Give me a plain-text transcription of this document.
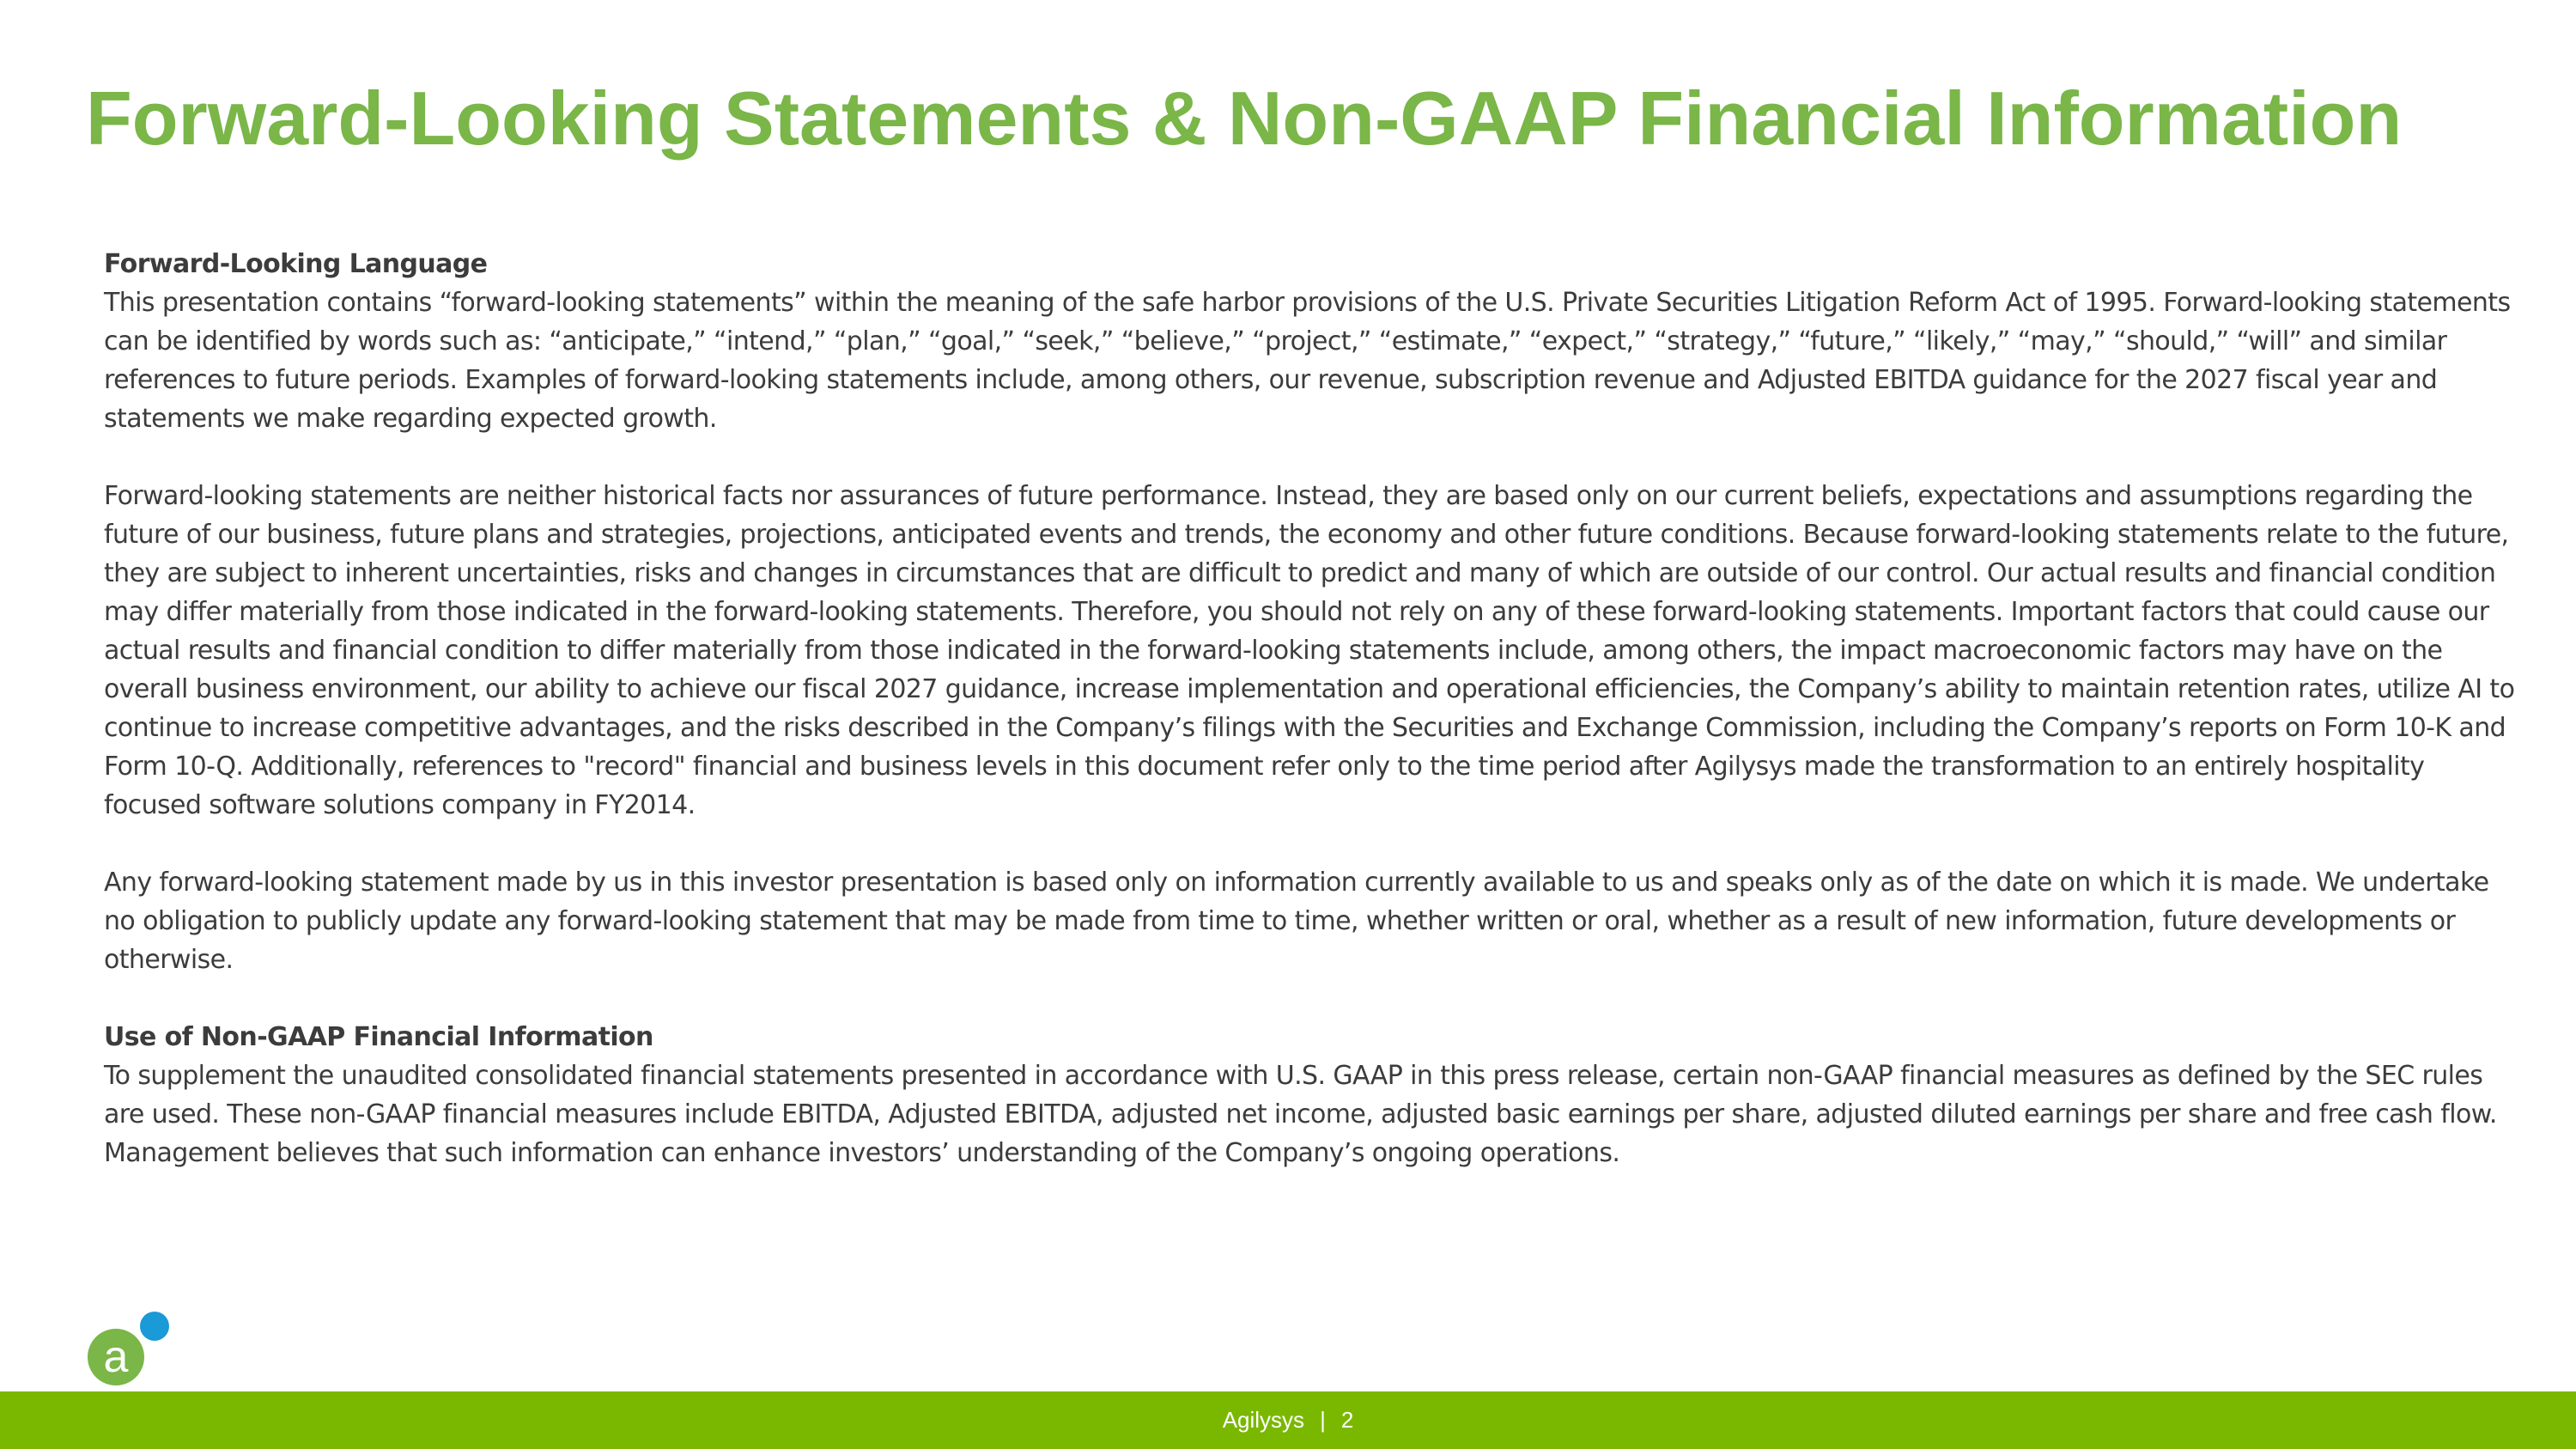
Forward-Looking Statements & Non-GAAP Financial Information
Forward-Looking Language

This presentation contains “forward-looking statements” within the meaning of the safe harbor provisions of the U.S. Private Securities Litigation Reform Act of 1995. Forward-looking statements can be identified by words such as: “anticipate,” “intend,” “plan,” “goal,” “seek,” “believe,” “project,” “estimate,” “expect,” “strategy,” “future,” “likely,” “may,” “should,” “will” and similar references to future periods. Examples of forward-looking statements include, among others, our revenue, subscription revenue and Adjusted EBITDA guidance for the 2027 fiscal year and statements we make regarding expected growth.

Forward-looking statements are neither historical facts nor assurances of future performance. Instead, they are based only on our current beliefs, expectations and assumptions regarding the future of our business, future plans and strategies, projections, anticipated events and trends, the economy and other future conditions. Because forward-looking statements relate to the future, they are subject to inherent uncertainties, risks and changes in circumstances that are difficult to predict and many of which are outside of our control. Our actual results and financial condition may differ materially from those indicated in the forward-looking statements. Therefore, you should not rely on any of these forward-looking statements. Important factors that could cause our actual results and financial condition to differ materially from those indicated in the forward-looking statements include, among others, the impact macroeconomic factors may have on the overall business environment, our ability to achieve our fiscal 2027 guidance, increase implementation and operational efficiencies, the Company’s ability to maintain retention rates, utilize AI to continue to increase competitive advantages, and the risks described in the Company’s filings with the Securities and Exchange Commission, including the Company’s reports on Form 10-K and Form 10-Q. Additionally, references to "record" financial and business levels in this document refer only to the time period after Agilysys made the transformation to an entirely hospitality focused software solutions company in FY2014.

Any forward-looking statement made by us in this investor presentation is based only on information currently available to us and speaks only as of the date on which it is made. We undertake no obligation to publicly update any forward-looking statement that may be made from time to time, whether written or oral, whether as a result of new information, future developments or otherwise.

Use of Non-GAAP Financial Information

To supplement the unaudited consolidated financial statements presented in accordance with U.S. GAAP in this press release, certain non-GAAP financial measures as defined by the SEC rules are used. These non-GAAP financial measures include EBITDA, Adjusted EBITDA, adjusted net income, adjusted basic earnings per share, adjusted diluted earnings per share and free cash flow. Management believes that such information can enhance investors’ understanding of the Company’s ongoing operations.

a
Agilysys | 2
